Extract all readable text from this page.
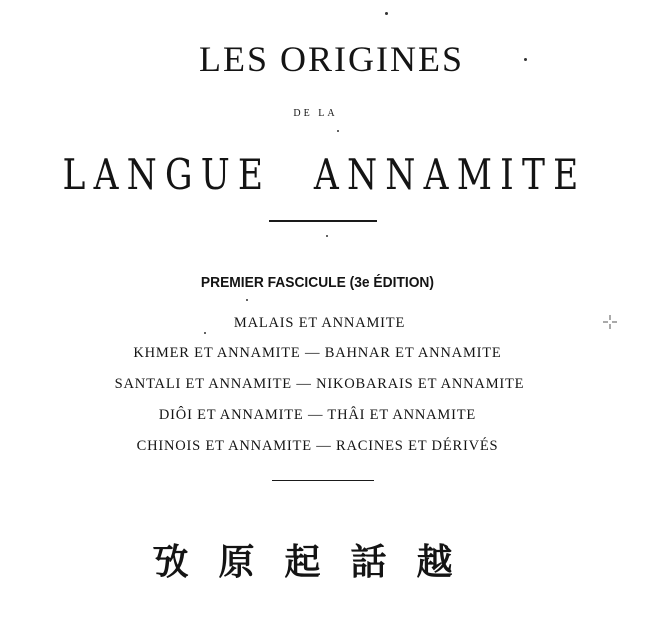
LES ORIGINES
DE LA
LANGUE ANNAMITE
PREMIER FASCICULE (3e ÉDITION)
MALAIS ET ANNAMITE
KHMER ET ANNAMITE — BAHNAR ET ANNAMITE
SANTALI ET ANNAMITE — NIKOBARAIS ET ANNAMITE
DIÔI ET ANNAMITE — THÂI ET ANNAMITE
CHINOIS ET ANNAMITE — RACINES ET DÉRIVÉS
攷原起話越
